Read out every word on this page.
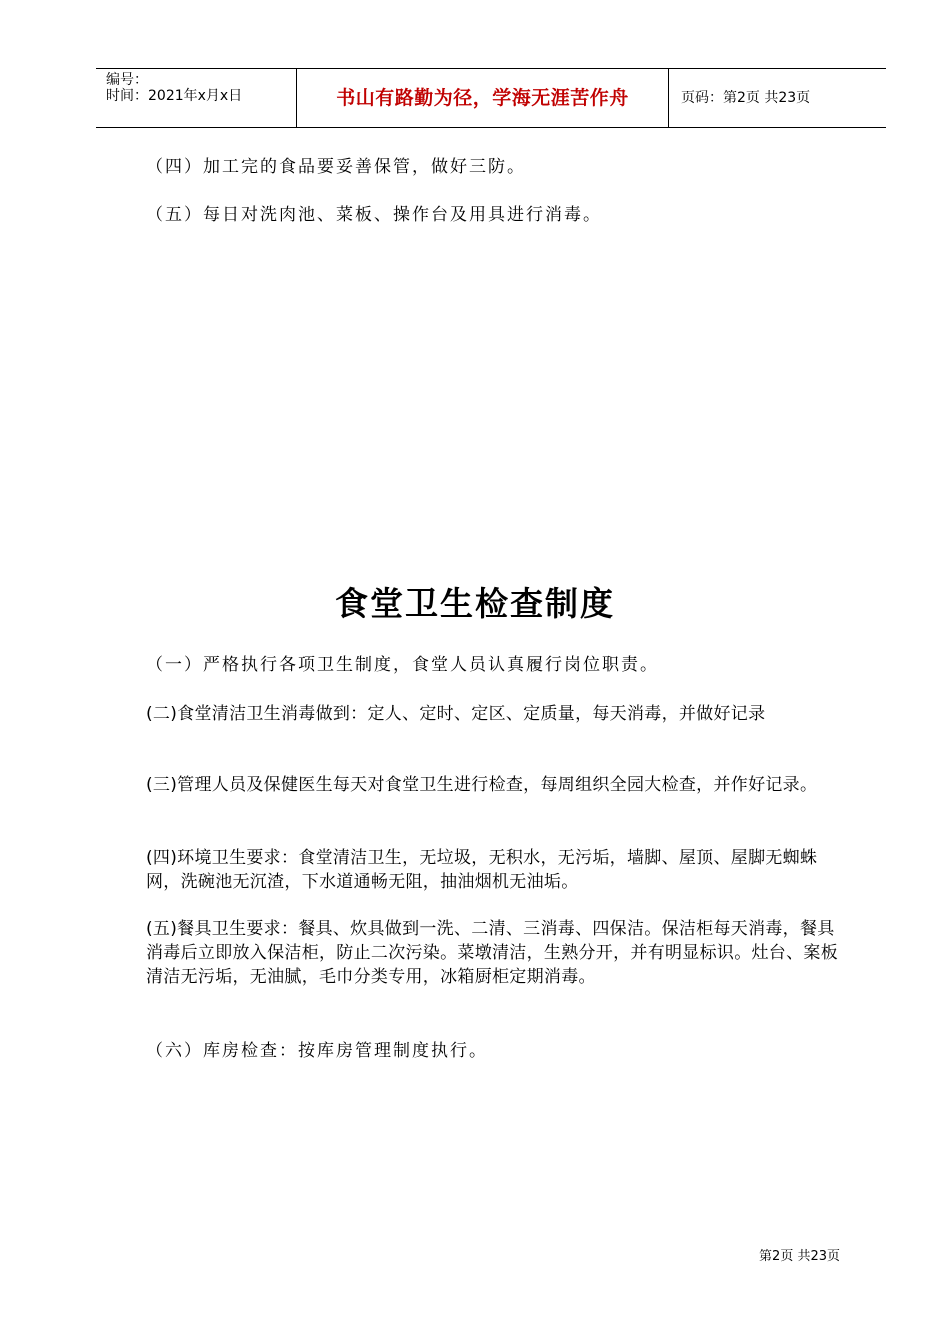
编号：
时间：2021年x月x日	书山有路勤为径，学海无涯苦作舟	页码：第2页 共23页

（四）加工完的食品要妥善保管，做好三防。

（五）每日对洗肉池、菜板、操作台及用具进行消毒。

食堂卫生检查制度

（一）严格执行各项卫生制度，食堂人员认真履行岗位职责。

(二)食堂清洁卫生消毒做到：定人、定时、定区、定质量，每天消毒，并做好记录

(三)管理人员及保健医生每天对食堂卫生进行检查，每周组织全园大检查，并作好记录。

(四)环境卫生要求：食堂清洁卫生，无垃圾，无积水，无污垢，墙脚、屋顶、屋脚无蜘蛛网，洗碗池无沉渣，下水道通畅无阻，抽油烟机无油垢。

(五)餐具卫生要求：餐具、炊具做到一洗、二清、三消毒、四保洁。保洁柜每天消毒，餐具消毒后立即放入保洁柜，防止二次污染。菜墩清洁，生熟分开，并有明显标识。灶台、案板清洁无污垢，无油腻，毛巾分类专用，冰箱厨柜定期消毒。

（六）库房检查：按库房管理制度执行。

第2页 共23页
